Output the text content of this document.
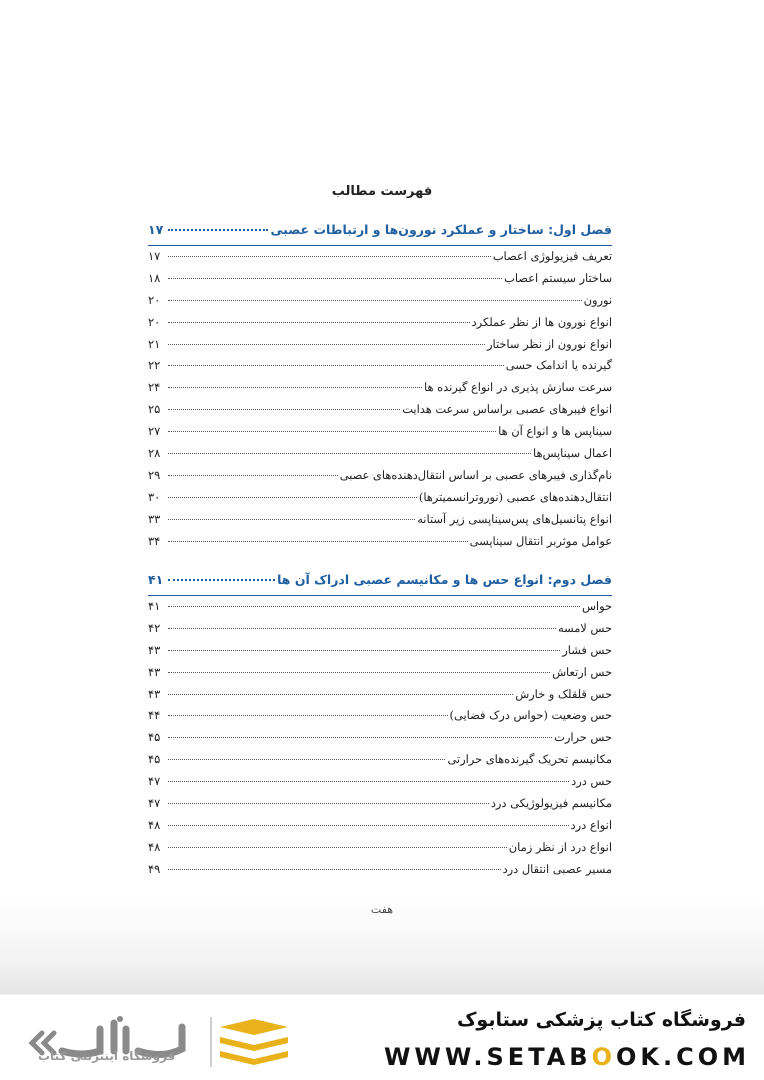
فهرست مطالب
فصل اول: ساختار و عملکرد نورون‌ها و ارتباطات عصبی
۱۷
تعریف فیزیولوژی اعصاب
۱۷
ساختار سیستم اعصاب
۱۸
نورون
۲۰
انواع نورون ها از نظر عملکرد
۲۰
انواع نورون از نظر ساختار
۲۱
گیرنده یا اندامک حسی
۲۲
سرعت سازش پذیری در انواع گیرنده ها
۲۴
انواع فیبرهای عصبی براساس سرعت هدایت
۲۵
سیناپس ها و انواع آن ها
۲۷
اعمال سیناپس‌ها
۲۸
نام‌گذاری فیبرهای عصبی بر اساس انتقال‌دهنده‌های عصبی
۲۹
انتقال‌دهنده‌های عصبی (نوروترانسمیترها)
۳۰
انواع پتانسیل‌های پس‌سیناپسی زیر آستانه
۳۳
عوامل موثربر انتقال سیناپسی
۳۴
فصل دوم: انواع حس ها و مکانیسم عصبی ادراک آن ها
۴۱
حواس
۴۱
حس لامسه
۴۲
حس فشار
۴۳
حس ارتعاش
۴۳
حس قلقلک و خارش
۴۳
حس وضعیت (حواس درک فضایی)
۴۴
حس حرارت
۴۵
مکانیسم تحریک گیرنده‌های حرارتی
۴۵
حس درد
۴۷
مکانیسم فیزیولوژیکی درد
۴۷
انواع درد
۴۸
انواع درد از نظر زمان
۴۸
مسیر عصبی انتقال درد
۴۹
هفت
فروشگاه اینترنتی کتاب
فروشگاه کتاب پزشکی ستابوک
WWW.SETABOOK.COM
